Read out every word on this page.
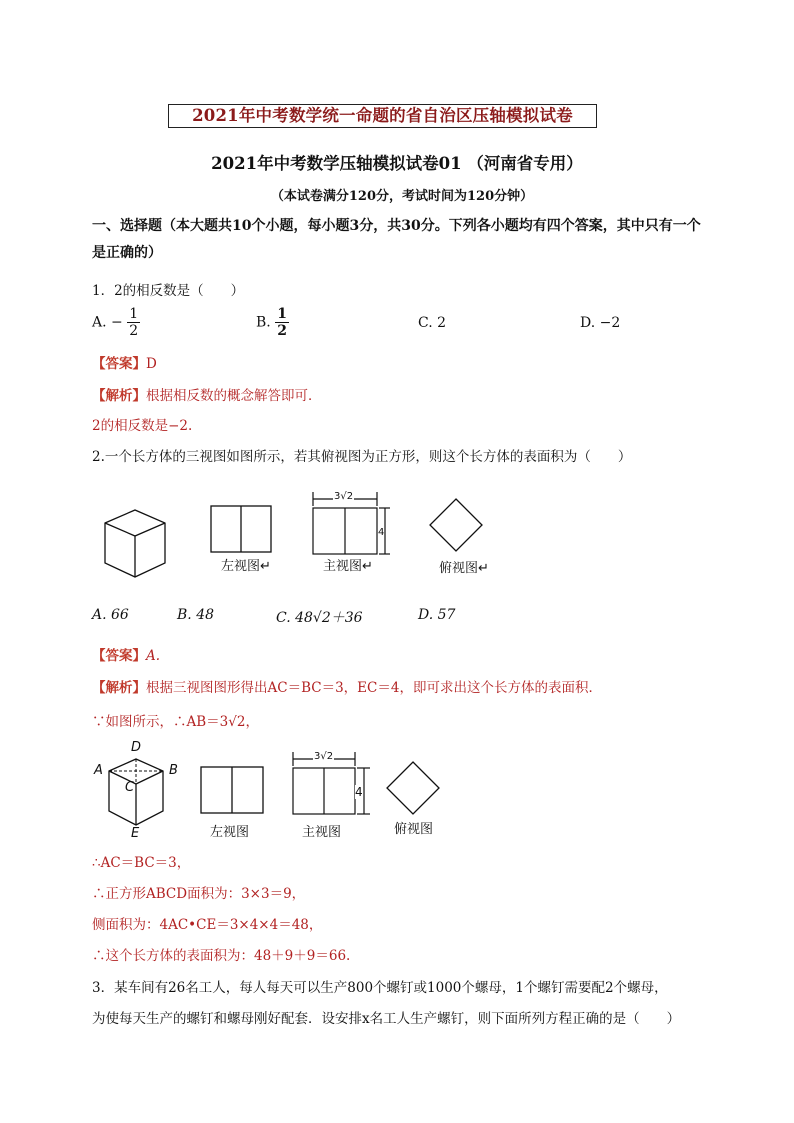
2021年中考数学统一命题的省自治区压轴模拟试卷
2021年中考数学压轴模拟试卷01 （河南省专用）
（本试卷满分120分，考试时间为120分钟）
一、选择题（本大题共10个小题，每小题3分，共30分。下列各小题均有四个答案，其中只有一个是正确的）
1．2的相反数是（　　）
A. − $\frac{1}{2}$	B. $\frac{1}{2}$	C. 2	D. −2
【答案】D
【解析】根据相反数的概念解答即可．
2的相反数是−2.
2.一个长方体的三视图如图所示，若其俯视图为正方形，则这个长方体的表面积为（　　）
左视图↵
3√2
4
主视图↵	俯视图↵
A. 66	B. 48	C. 48√2＋36	D. 57
【答案】A.
【解析】根据三视图图形得出AC＝BC＝3，EC＝4，即可求出这个长方体的表面积．
∵如图所示，∴AB＝3√2，
D
A	B
C
E	左视图
3√2
4
主视图	俯视图
∴AC＝BC＝3，
∴正方形ABCD面积为：3×3＝9，
侧面积为：4AC•CE＝3×4×4＝48，
∴这个长方体的表面积为：48＋9＋9＝66.
3．某车间有26名工人，每人每天可以生产800个螺钉或1000个螺母，1个螺钉需要配2个螺母，
为使每天生产的螺钉和螺母刚好配套．设安排x名工人生产螺钉，则下面所列方程正确的是（　　）
